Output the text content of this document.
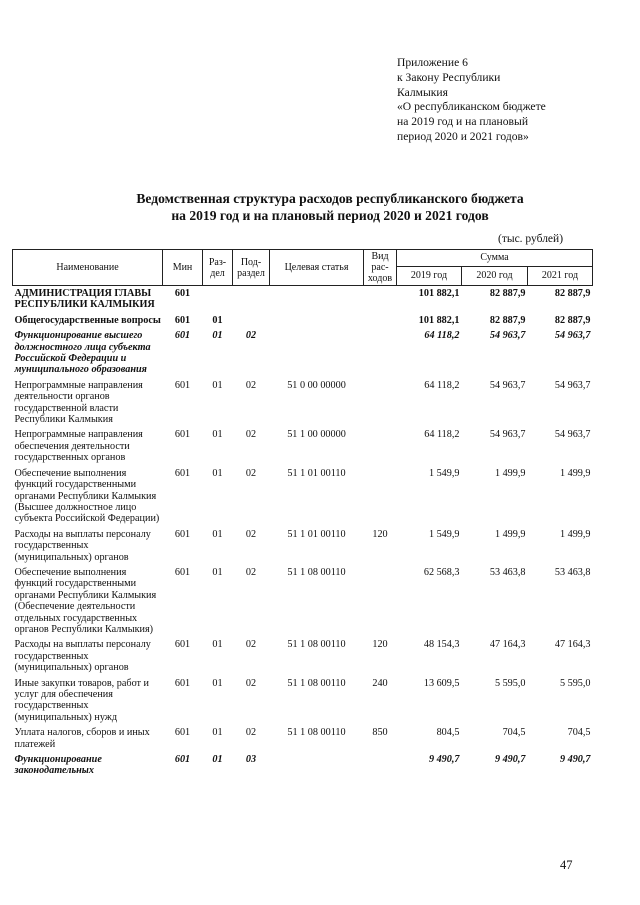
Приложение 6
к Закону Республики
Калмыкия
«О республиканском бюджете
на 2019 год и на плановый
период 2020 и 2021 годов»
Ведомственная структура расходов республиканского бюджета
на 2019 год и на плановый период 2020 и 2021 годов
(тыс. рублей)
Наименование	Мин	Раз-дел	Под-раздел	Целевая статья	Вид рас-ходов	Сумма		
						2019 год	2020 год	2021 год
АДМИНИСТРАЦИЯ ГЛАВЫ РЕСПУБЛИКИ КАЛМЫКИЯ	601					101 882,1	82 887,9	82 887,9
Общегосударственные вопросы	601	01				101 882,1	82 887,9	82 887,9
Функционирование высшего должностного лица субъекта Российской Федерации и муниципального образования	601	01	02			64 118,2	54 963,7	54 963,7
Непрограммные направления деятельности органов государственной власти Республики Калмыкия	601	01	02	51 0 00 00000		64 118,2	54 963,7	54 963,7
Непрограммные направления обеспечения деятельности государственных органов	601	01	02	51 1 00 00000		64 118,2	54 963,7	54 963,7
Обеспечение выполнения функций государственными органами Республики Калмыкия (Высшее должностное лицо субъекта Российской Федерации)	601	01	02	51 1 01 00110		1 549,9	1 499,9	1 499,9
Расходы на выплаты персоналу государственных (муниципальных) органов	601	01	02	51 1 01 00110	120	1 549,9	1 499,9	1 499,9
Обеспечение выполнения функций государственными органами Республики Калмыкия (Обеспечение деятельности отдельных государственных органов Республики Калмыкия)	601	01	02	51 1 08 00110		62 568,3	53 463,8	53 463,8
Расходы на выплаты персоналу государственных (муниципальных) органов	601	01	02	51 1 08 00110	120	48 154,3	47 164,3	47 164,3
Иные закупки товаров, работ и услуг для обеспечения государственных (муниципальных) нужд	601	01	02	51 1 08 00110	240	13 609,5	5 595,0	5 595,0
Уплата налогов, сборов и иных платежей	601	01	02	51 1 08 00110	850	804,5	704,5	704,5
Функционирование законодательных	601	01	03			9 490,7	9 490,7	9 490,7
47
